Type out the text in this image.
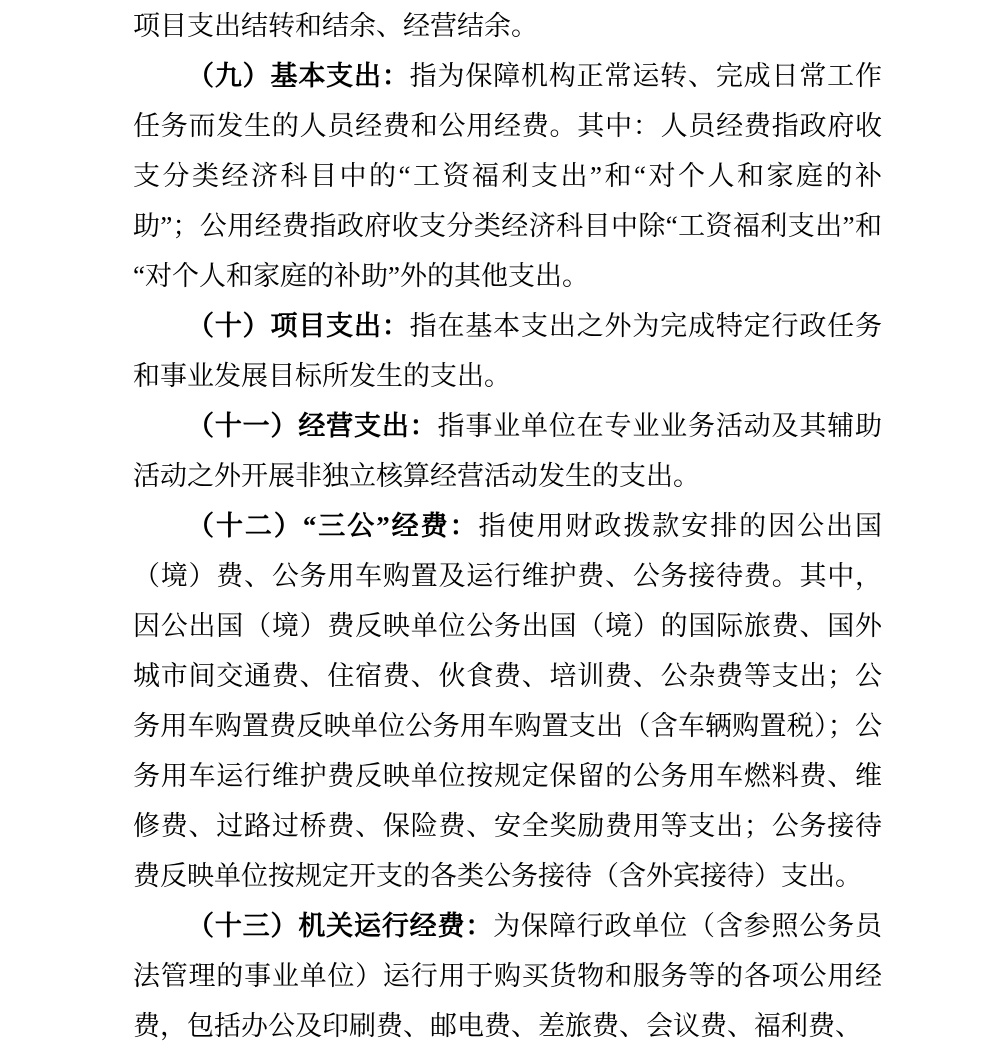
项目支出结转和结余、经营结余。

（九）基本支出：指为保障机构正常运转、完成日常工作任务而发生的人员经费和公用经费。其中：人员经费指政府收支分类经济科目中的“工资福利支出”和“对个人和家庭的补助”；公用经费指政府收支分类经济科目中除“工资福利支出”和“对个人和家庭的补助”外的其他支出。

（十）项目支出：指在基本支出之外为完成特定行政任务和事业发展目标所发生的支出。

（十一）经营支出：指事业单位在专业业务活动及其辅助活动之外开展非独立核算经营活动发生的支出。

（十二）“三公”经费：指使用财政拨款安排的因公出国（境）费、公务用车购置及运行维护费、公务接待费。其中，因公出国（境）费反映单位公务出国（境）的国际旅费、国外城市间交通费、住宿费、伙食费、培训费、公杂费等支出；公务用车购置费反映单位公务用车购置支出（含车辆购置税）；公务用车运行维护费反映单位按规定保留的公务用车燃料费、维修费、过路过桥费、保险费、安全奖励费用等支出；公务接待费反映单位按规定开支的各类公务接待（含外宾接待）支出。

（十三）机关运行经费：为保障行政单位（含参照公务员法管理的事业单位）运行用于购买货物和服务等的各项公用经费，包括办公及印刷费、邮电费、差旅费、会议费、福利费、
